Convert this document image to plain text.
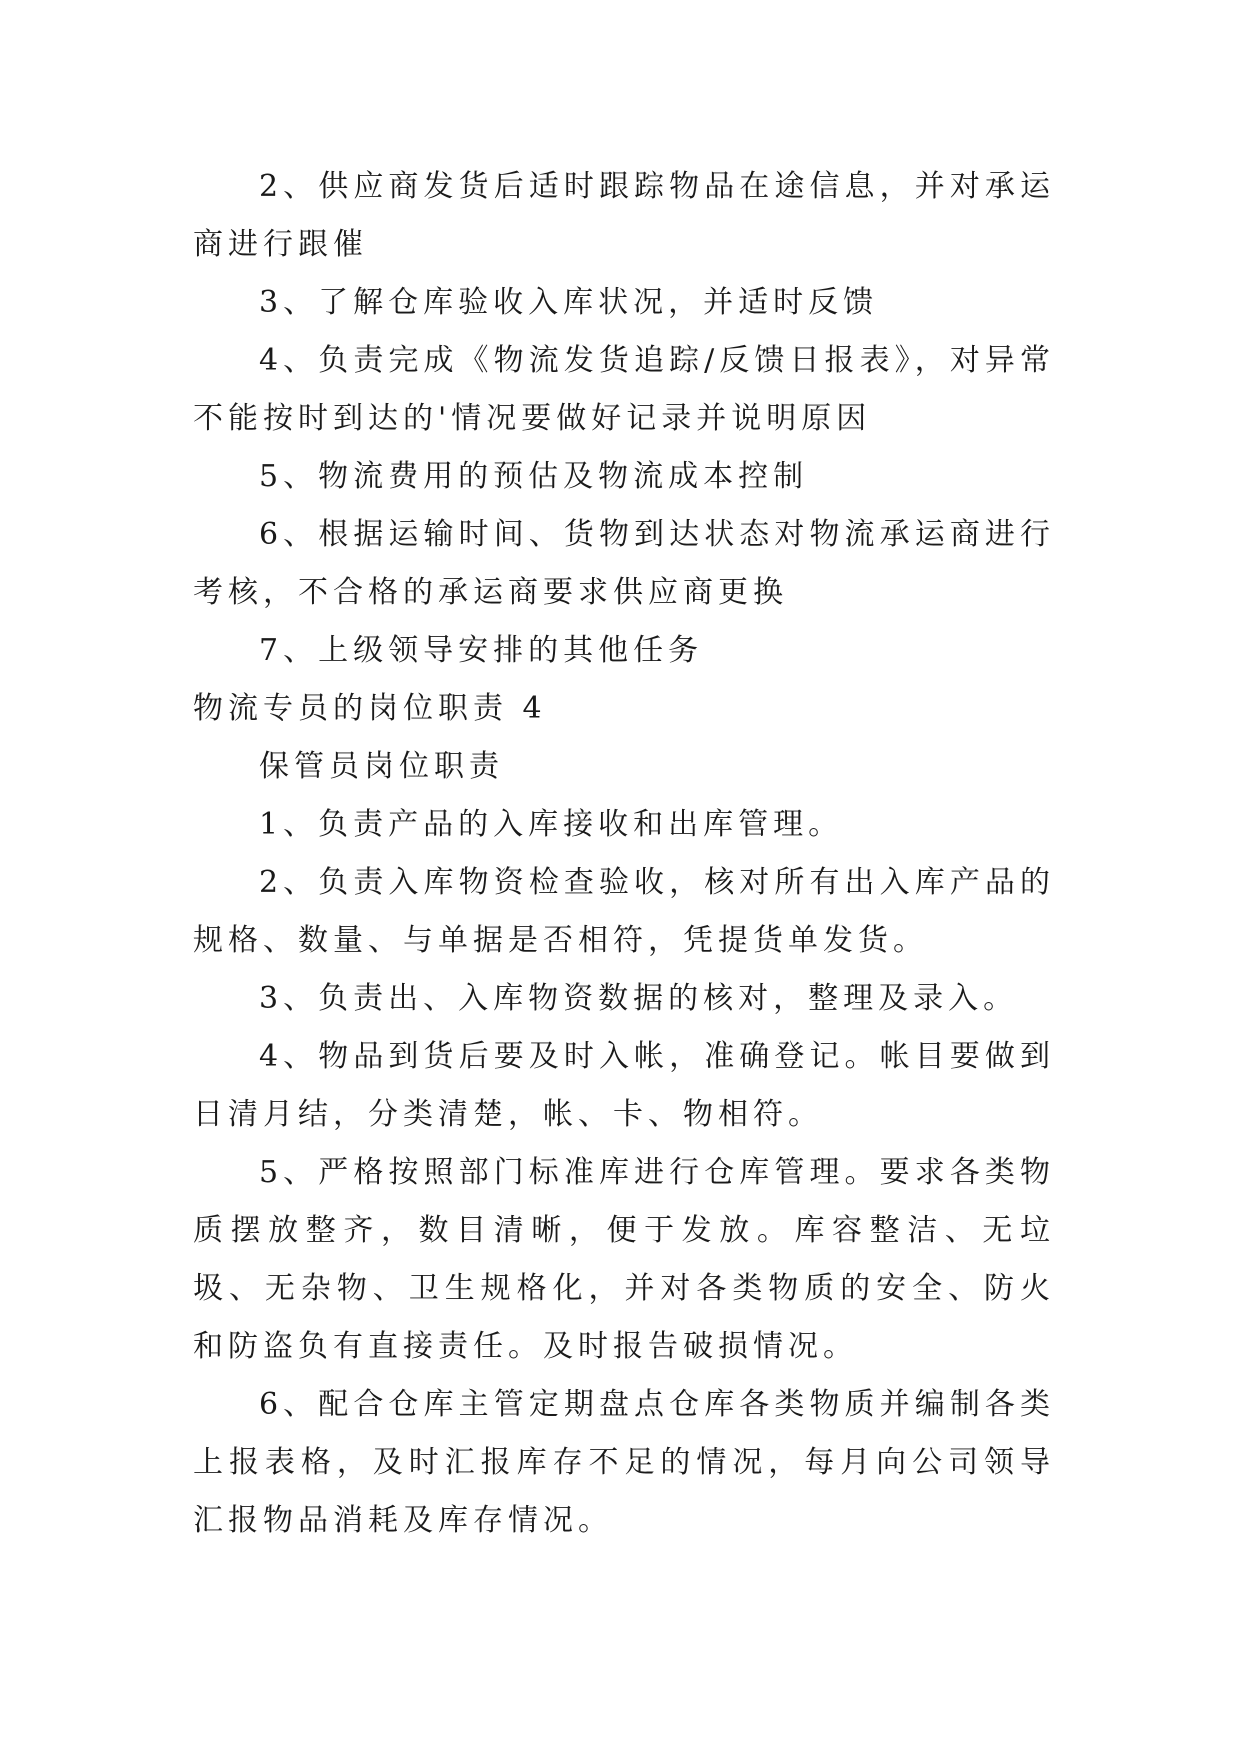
2、供应商发货后适时跟踪物品在途信息，并对承运商进行跟催

3、了解仓库验收入库状况，并适时反馈

4、负责完成《物流发货追踪/反馈日报表》，对异常不能按时到达的'情况要做好记录并说明原因

5、物流费用的预估及物流成本控制

6、根据运输时间、货物到达状态对物流承运商进行考核，不合格的承运商要求供应商更换

7、上级领导安排的其他任务

物流专员的岗位职责 4

保管员岗位职责

1、负责产品的入库接收和出库管理。

2、负责入库物资检查验收，核对所有出入库产品的规格、数量、与单据是否相符，凭提货单发货。

3、负责出、入库物资数据的核对，整理及录入。

4、物品到货后要及时入帐，准确登记。帐目要做到日清月结，分类清楚，帐、卡、物相符。

5、严格按照部门标准库进行仓库管理。要求各类物质摆放整齐，数目清晰，便于发放。库容整洁、无垃圾、无杂物、卫生规格化，并对各类物质的安全、防火和防盗负有直接责任。及时报告破损情况。

6、配合仓库主管定期盘点仓库各类物质并编制各类上报表格，及时汇报库存不足的情况，每月向公司领导汇报物品消耗及库存情况。
